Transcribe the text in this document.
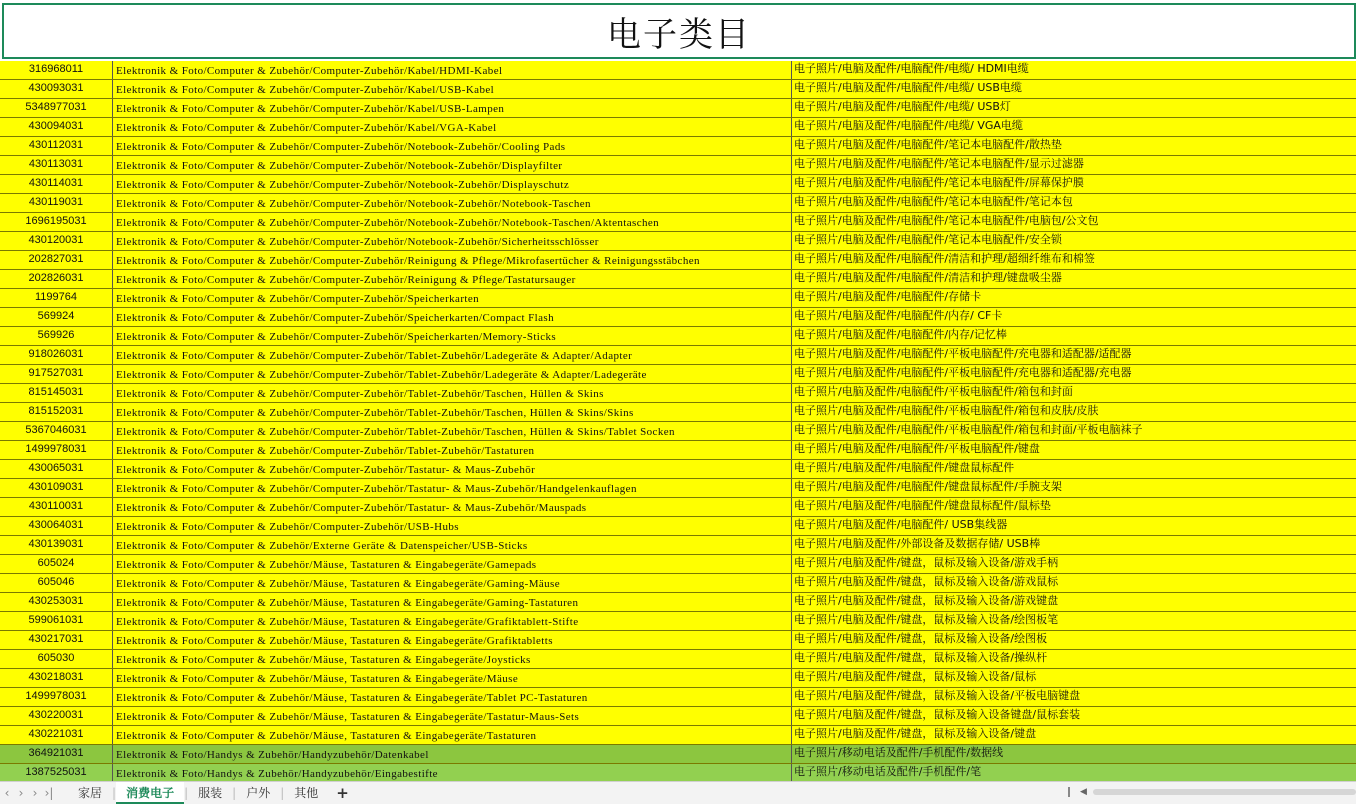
电子类目
316968011	Elektronik & Foto/Computer & Zubehör/Computer-Zubehör/Kabel/HDMI-Kabel	电子照片/电脑及配件/电脑配件/电缆/ HDMI电缆
430093031	Elektronik & Foto/Computer & Zubehör/Computer-Zubehör/Kabel/USB-Kabel	电子照片/电脑及配件/电脑配件/电缆/ USB电缆
5348977031	Elektronik & Foto/Computer & Zubehör/Computer-Zubehör/Kabel/USB-Lampen	电子照片/电脑及配件/电脑配件/电缆/ USB灯
430094031	Elektronik & Foto/Computer & Zubehör/Computer-Zubehör/Kabel/VGA-Kabel	电子照片/电脑及配件/电脑配件/电缆/ VGA电缆
430112031	Elektronik & Foto/Computer & Zubehör/Computer-Zubehör/Notebook-Zubehör/Cooling Pads	电子照片/电脑及配件/电脑配件/笔记本电脑配件/散热垫
430113031	Elektronik & Foto/Computer & Zubehör/Computer-Zubehör/Notebook-Zubehör/Displayfilter	电子照片/电脑及配件/电脑配件/笔记本电脑配件/显示过滤器
430114031	Elektronik & Foto/Computer & Zubehör/Computer-Zubehör/Notebook-Zubehör/Displayschutz	电子照片/电脑及配件/电脑配件/笔记本电脑配件/屏幕保护膜
430119031	Elektronik & Foto/Computer & Zubehör/Computer-Zubehör/Notebook-Zubehör/Notebook-Taschen	电子照片/电脑及配件/电脑配件/笔记本电脑配件/笔记本包
1696195031	Elektronik & Foto/Computer & Zubehör/Computer-Zubehör/Notebook-Zubehör/Notebook-Taschen/Aktentaschen	电子照片/电脑及配件/电脑配件/笔记本电脑配件/电脑包/公文包
430120031	Elektronik & Foto/Computer & Zubehör/Computer-Zubehör/Notebook-Zubehör/Sicherheitsschlösser	电子照片/电脑及配件/电脑配件/笔记本电脑配件/安全锁
202827031	Elektronik & Foto/Computer & Zubehör/Computer-Zubehör/Reinigung & Pflege/Mikrofasertücher & Reinigungsstäbchen	电子照片/电脑及配件/电脑配件/清洁和护理/超细纤维布和棉签
202826031	Elektronik & Foto/Computer & Zubehör/Computer-Zubehör/Reinigung & Pflege/Tastatursauger	电子照片/电脑及配件/电脑配件/清洁和护理/键盘吸尘器
1199764	Elektronik & Foto/Computer & Zubehör/Computer-Zubehör/Speicherkarten	电子照片/电脑及配件/电脑配件/存储卡
569924	Elektronik & Foto/Computer & Zubehör/Computer-Zubehör/Speicherkarten/Compact Flash	电子照片/电脑及配件/电脑配件/内存/ CF卡
569926	Elektronik & Foto/Computer & Zubehör/Computer-Zubehör/Speicherkarten/Memory-Sticks	电子照片/电脑及配件/电脑配件/内存/记忆棒
918026031	Elektronik & Foto/Computer & Zubehör/Computer-Zubehör/Tablet-Zubehör/Ladegeräte & Adapter/Adapter	电子照片/电脑及配件/电脑配件/平板电脑配件/充电器和适配器/适配器
917527031	Elektronik & Foto/Computer & Zubehör/Computer-Zubehör/Tablet-Zubehör/Ladegeräte & Adapter/Ladegeräte	电子照片/电脑及配件/电脑配件/平板电脑配件/充电器和适配器/充电器
815145031	Elektronik & Foto/Computer & Zubehör/Computer-Zubehör/Tablet-Zubehör/Taschen, Hüllen & Skins	电子照片/电脑及配件/电脑配件/平板电脑配件/箱包和封面
815152031	Elektronik & Foto/Computer & Zubehör/Computer-Zubehör/Tablet-Zubehör/Taschen, Hüllen & Skins/Skins	电子照片/电脑及配件/电脑配件/平板电脑配件/箱包和皮肤/皮肤
5367046031	Elektronik & Foto/Computer & Zubehör/Computer-Zubehör/Tablet-Zubehör/Taschen, Hüllen & Skins/Tablet Socken	电子照片/电脑及配件/电脑配件/平板电脑配件/箱包和封面/平板电脑袜子
1499978031	Elektronik & Foto/Computer & Zubehör/Computer-Zubehör/Tablet-Zubehör/Tastaturen	电子照片/电脑及配件/电脑配件/平板电脑配件/键盘
430065031	Elektronik & Foto/Computer & Zubehör/Computer-Zubehör/Tastatur- & Maus-Zubehör	电子照片/电脑及配件/电脑配件/键盘鼠标配件
430109031	Elektronik & Foto/Computer & Zubehör/Computer-Zubehör/Tastatur- & Maus-Zubehör/Handgelenkauflagen	电子照片/电脑及配件/电脑配件/键盘鼠标配件/手腕支架
430110031	Elektronik & Foto/Computer & Zubehör/Computer-Zubehör/Tastatur- & Maus-Zubehör/Mauspads	电子照片/电脑及配件/电脑配件/键盘鼠标配件/鼠标垫
430064031	Elektronik & Foto/Computer & Zubehör/Computer-Zubehör/USB-Hubs	电子照片/电脑及配件/电脑配件/ USB集线器
430139031	Elektronik & Foto/Computer & Zubehör/Externe Geräte & Datenspeicher/USB-Sticks	电子照片/电脑及配件/外部设备及数据存储/ USB棒
605024	Elektronik & Foto/Computer & Zubehör/Mäuse, Tastaturen & Eingabegeräte/Gamepads	电子照片/电脑及配件/键盘，鼠标及输入设备/游戏手柄
605046	Elektronik & Foto/Computer & Zubehör/Mäuse, Tastaturen & Eingabegeräte/Gaming-Mäuse	电子照片/电脑及配件/键盘，鼠标及输入设备/游戏鼠标
430253031	Elektronik & Foto/Computer & Zubehör/Mäuse, Tastaturen & Eingabegeräte/Gaming-Tastaturen	电子照片/电脑及配件/键盘，鼠标及输入设备/游戏键盘
599061031	Elektronik & Foto/Computer & Zubehör/Mäuse, Tastaturen & Eingabegeräte/Grafiktablett-Stifte	电子照片/电脑及配件/键盘，鼠标及输入设备/绘图板笔
430217031	Elektronik & Foto/Computer & Zubehör/Mäuse, Tastaturen & Eingabegeräte/Grafiktabletts	电子照片/电脑及配件/键盘，鼠标及输入设备/绘图板
605030	Elektronik & Foto/Computer & Zubehör/Mäuse, Tastaturen & Eingabegeräte/Joysticks	电子照片/电脑及配件/键盘，鼠标及输入设备/操纵杆
430218031	Elektronik & Foto/Computer & Zubehör/Mäuse, Tastaturen & Eingabegeräte/Mäuse	电子照片/电脑及配件/键盘，鼠标及输入设备/鼠标
1499978031	Elektronik & Foto/Computer & Zubehör/Mäuse, Tastaturen & Eingabegeräte/Tablet PC-Tastaturen	电子照片/电脑及配件/键盘，鼠标及输入设备/平板电脑键盘
430220031	Elektronik & Foto/Computer & Zubehör/Mäuse, Tastaturen & Eingabegeräte/Tastatur-Maus-Sets	电子照片/电脑及配件/键盘，鼠标及输入设备键盘/鼠标套装
430221031	Elektronik & Foto/Computer & Zubehör/Mäuse, Tastaturen & Eingabegeräte/Tastaturen	电子照片/电脑及配件/键盘，鼠标及输入设备/键盘
364921031	Elektronik & Foto/Handys & Zubehör/Handyzubehör/Datenkabel	电子照片/移动电话及配件/手机配件/数据线
1387525031	Elektronik & Foto/Handys & Zubehör/Handyzubehör/Eingabestifte	电子照片/移动电话及配件/手机配件/笔
‹ › › ›|	家居 | 消费电子 | 服装 | 户外 | 其他	+	◀
